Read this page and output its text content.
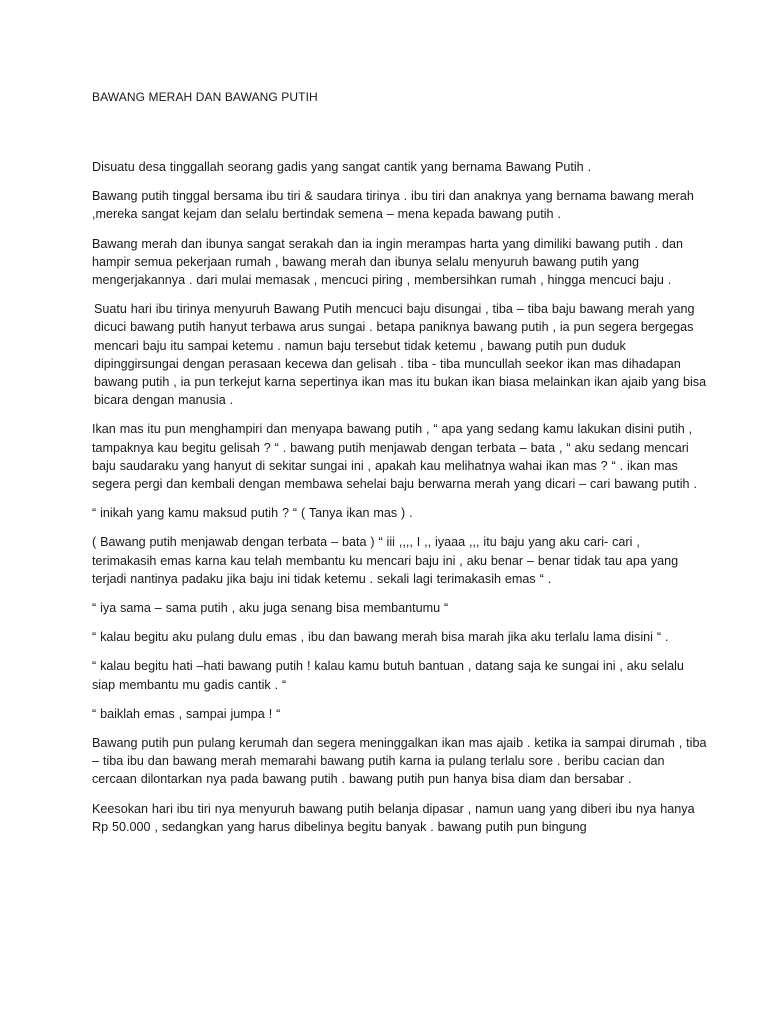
BAWANG MERAH DAN BAWANG PUTIH

Disuatu desa tinggallah seorang gadis yang sangat cantik yang bernama Bawang Putih .

Bawang putih tinggal bersama ibu tiri & saudara tirinya . ibu tiri dan anaknya yang bernama bawang merah ,mereka sangat kejam dan selalu bertindak semena – mena kepada bawang putih .

Bawang merah dan ibunya sangat serakah dan ia ingin merampas harta yang dimiliki bawang putih . dan hampir semua pekerjaan rumah , bawang merah dan ibunya selalu menyuruh bawang putih yang mengerjakannya . dari mulai memasak , mencuci piring , membersihkan rumah , hingga mencuci baju .

Suatu hari ibu tirinya menyuruh Bawang Putih mencuci baju disungai , tiba – tiba baju bawang merah yang dicuci bawang putih hanyut terbawa arus sungai . betapa paniknya bawang putih , ia pun segera bergegas mencari baju itu sampai ketemu . namun baju tersebut tidak ketemu , bawang putih pun duduk dipinggirsungai dengan perasaan kecewa dan gelisah . tiba - tiba muncullah seekor ikan mas dihadapan bawang putih , ia pun terkejut karna sepertinya ikan mas itu bukan ikan biasa melainkan ikan ajaib yang bisa bicara dengan manusia .

Ikan mas itu pun menghampiri dan menyapa bawang putih , “ apa yang sedang kamu lakukan disini putih , tampaknya kau begitu gelisah ? “ . bawang putih menjawab dengan terbata – bata , “ aku sedang mencari baju saudaraku yang hanyut di sekitar sungai ini , apakah kau melihatnya wahai ikan mas ? “ . ikan mas segera pergi dan kembali dengan membawa sehelai baju berwarna merah yang dicari – cari bawang putih .

“ inikah yang kamu maksud putih ? “ ( Tanya ikan mas ) .

( Bawang putih menjawab dengan terbata – bata ) “ iii ,,,, I ,, iyaaa ,,, itu baju yang aku cari- cari , terimakasih emas karna kau telah membantu ku mencari baju ini , aku benar – benar tidak tau apa yang terjadi nantinya padaku jika baju ini tidak ketemu . sekali lagi terimakasih emas “ .

“ iya sama – sama putih , aku juga senang bisa membantumu “

“ kalau begitu aku pulang dulu emas , ibu dan bawang merah bisa marah jika aku terlalu lama disini “ .

“ kalau begitu hati –hati bawang putih ! kalau kamu butuh bantuan , datang saja ke sungai ini , aku selalu siap membantu mu gadis cantik . “

“ baiklah emas , sampai jumpa ! “

Bawang putih pun pulang kerumah dan segera meninggalkan ikan mas ajaib . ketika ia sampai dirumah , tiba – tiba ibu dan bawang merah memarahi bawang putih karna ia pulang terlalu sore . beribu cacian dan cercaan dilontarkan nya pada bawang putih . bawang putih pun hanya bisa diam dan bersabar .

Keesokan hari ibu tiri nya menyuruh bawang putih belanja dipasar , namun uang yang diberi ibu nya hanya Rp 50.000 , sedangkan yang harus dibelinya begitu banyak . bawang putih pun bingung
